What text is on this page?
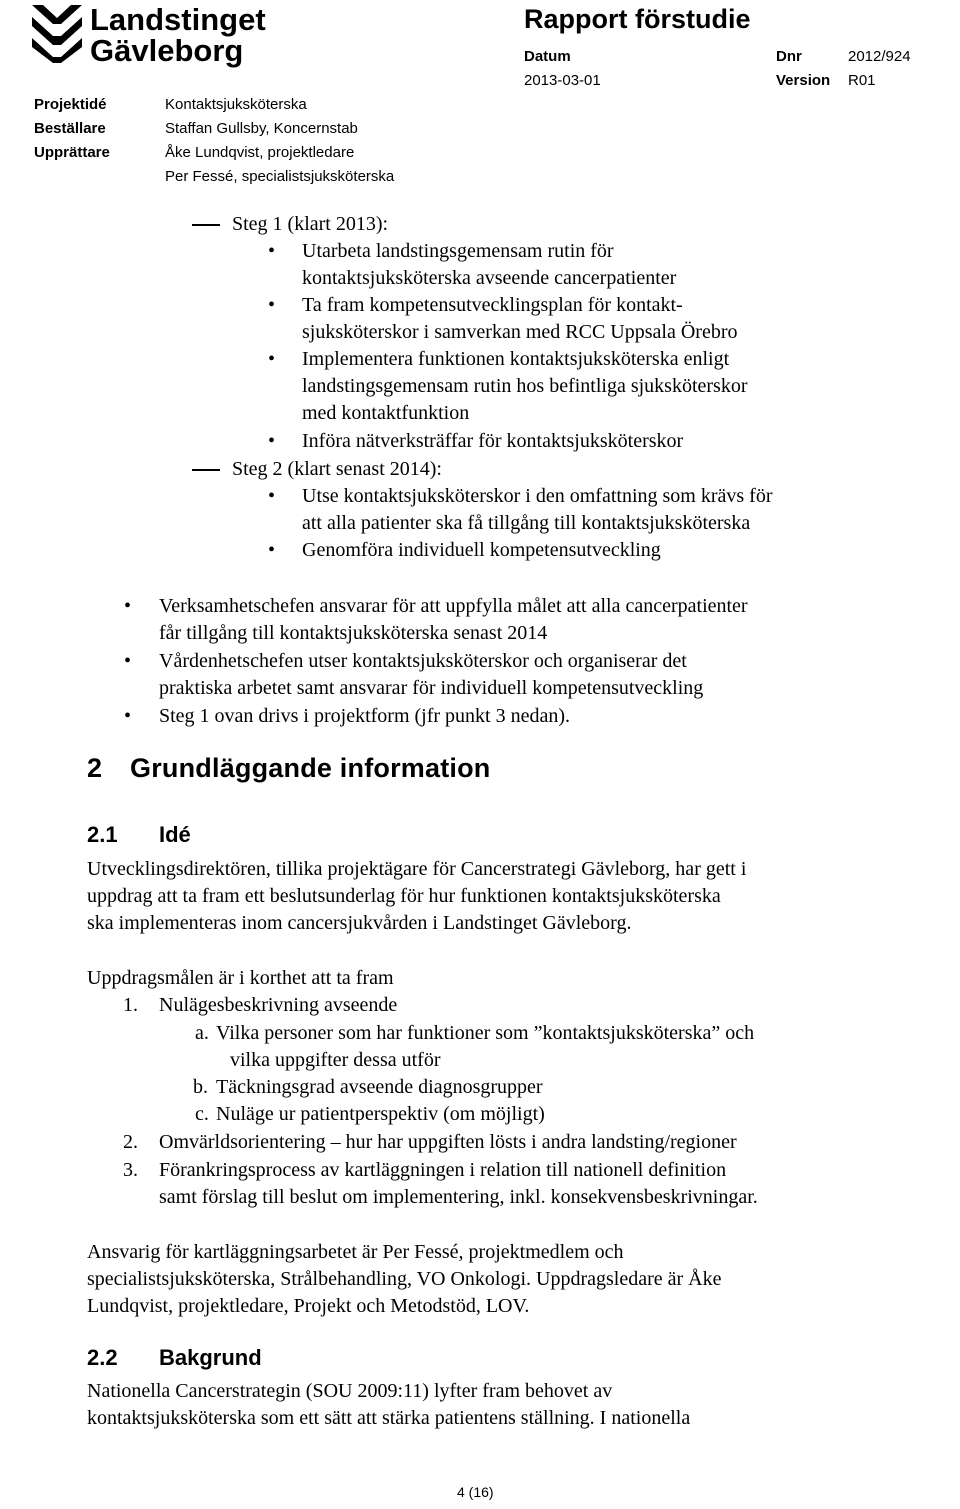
Landstinget
Gävleborg
Rapport förstudie
Datum
2013-03-01
Dnr	2012/924
Version R01
Projektidé	Kontaktsjuksköterska
Beställare	Staffan Gullsby, Koncernstab
Upprättare	Åke Lundqvist, projektledare
Per Fessé, specialistsjuksköterska
Steg 1 (klart 2013):
• Utarbeta landstingsgemensam rutin för
kontaktsjuksköterska avseende cancerpatienter
• Ta fram kompetensutvecklingsplan för kontakt-
sjuksköterskor i samverkan med RCC Uppsala Örebro
• Implementera funktionen kontaktsjuksköterska enligt
landstingsgemensam rutin hos befintliga sjuksköterskor
med kontaktfunktion
• Införa nätverksträffar för kontaktsjuksköterskor
Steg 2 (klart senast 2014):
• Utse kontaktsjuksköterskor i den omfattning som krävs för
att alla patienter ska få tillgång till kontaktsjuksköterska
• Genomföra individuell kompetensutveckling
• Verksamhetschefen ansvarar för att uppfylla målet att alla cancerpatienter
får tillgång till kontaktsjuksköterska senast 2014
• Vårdenhetschefen utser kontaktsjuksköterskor och organiserar det
praktiska arbetet samt ansvarar för individuell kompetensutveckling
• Steg 1 ovan drivs i projektform (jfr punkt 3 nedan).
2 Grundläggande information
2.1 Idé
Utvecklingsdirektören, tillika projektägare för Cancerstrategi Gävleborg, har gett i
uppdrag att ta fram ett beslutsunderlag för hur funktionen kontaktsjuksköterska
ska implementeras inom cancersjukvården i Landstinget Gävleborg.
Uppdragsmålen är i korthet att ta fram
1. Nulägesbeskrivning avseende
a. Vilka personer som har funktioner som ”kontaktsjuksköterska” och
vilka uppgifter dessa utför
b. Täckningsgrad avseende diagnosgrupper
c. Nuläge ur patientperspektiv (om möjligt)
2. Omvärldsorientering – hur har uppgiften lösts i andra landsting/regioner
3. Förankringsprocess av kartläggningen i relation till nationell definition
samt förslag till beslut om implementering, inkl. konsekvensbeskrivningar.
Ansvarig för kartläggningsarbetet är Per Fessé, projektmedlem och
specialistsjuksköterska, Strålbehandling, VO Onkologi. Uppdragsledare är Åke
Lundqvist, projektledare, Projekt och Metodstöd, LOV.
2.2 Bakgrund
Nationella Cancerstrategin (SOU 2009:11) lyfter fram behovet av
kontaktsjuksköterska som ett sätt att stärka patientens ställning. I nationella
4 (16)
